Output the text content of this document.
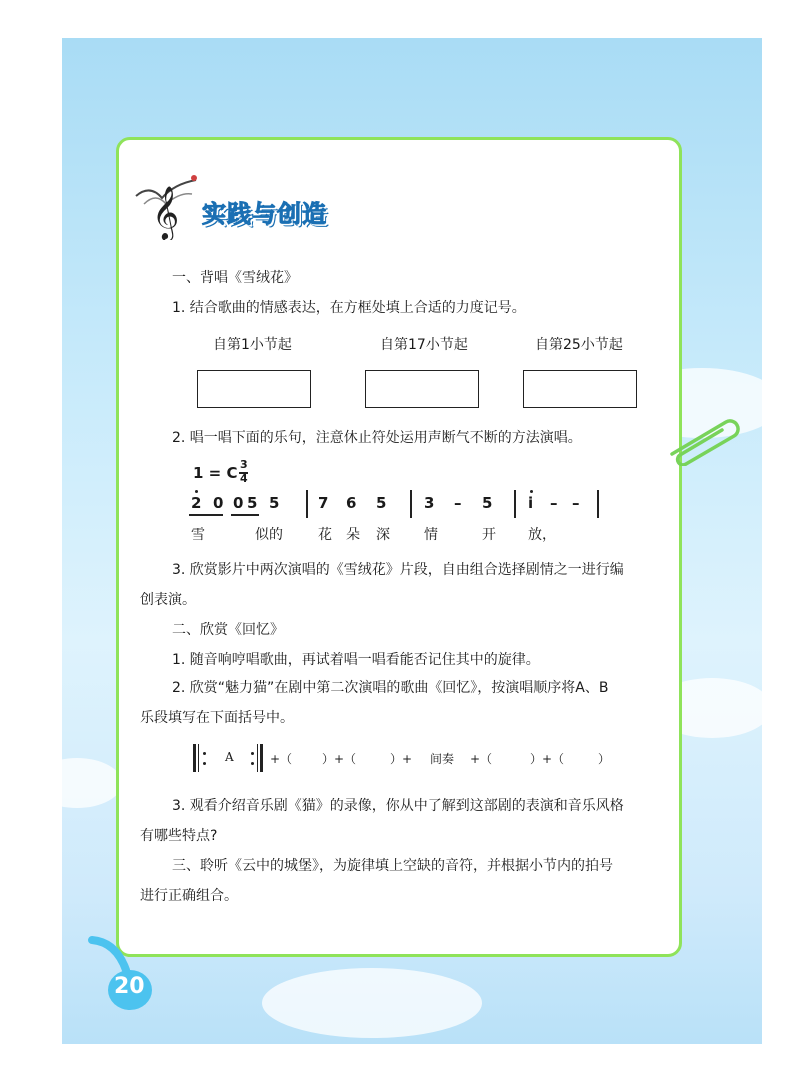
𝄞 实践与创造
一、背唱《雪绒花》
1. 结合歌曲的情感表达，在方框处填上合适的力度记号。
自第1小节起	自第17小节起	自第25小节起
2. 唱一唱下面的乐句，注意休止符处运用声断气不断的方法演唱。
1 = C 3
4
2 0 0 5 5	7 6 5	3 – 5 i – –
雪	似的	花 朵 深 情	开 放，
3. 欣赏影片中两次演唱的《雪绒花》片段，自由组合选择剧情之一进行编
创表演。
二、欣赏《回忆》
1. 随音响哼唱歌曲，再试着唱一唱看能否记住其中的旋律。
2. 欣赏“魅力猫”在剧中第二次演唱的歌曲《回忆》，按演唱顺序将A、B
乐段填写在下面括号中。
A	+（ ）+（	）+ 间奏 +（	）+（	）
3. 观看介绍音乐剧《猫》的录像，你从中了解到这部剧的表演和音乐风格
有哪些特点?
三、聆听《云中的城堡》，为旋律填上空缺的音符，并根据小节内的拍号
进行正确组合。
20
